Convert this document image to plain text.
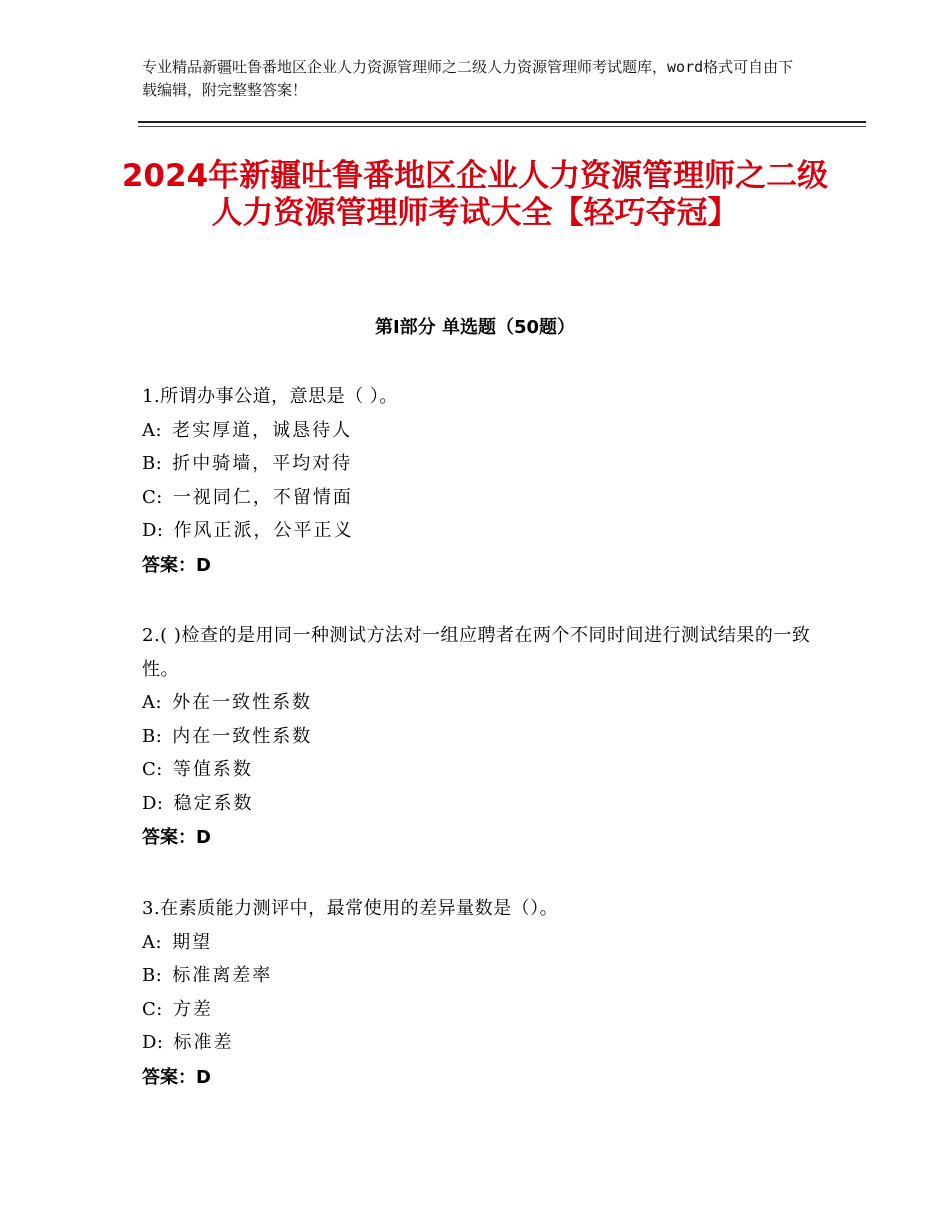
专业精品新疆吐鲁番地区企业人力资源管理师之二级人力资源管理师考试题库，word格式可自由下载编辑，附完整整答案！
2024年新疆吐鲁番地区企业人力资源管理师之二级人力资源管理师考试大全【轻巧夺冠】
第Ⅰ部分 单选题（50题）
1.所谓办事公道，意思是（ ）。
A: 老实厚道，诚恳待人
B: 折中骑墙，平均对待
C: 一视同仁，不留情面
D: 作风正派，公平正义
答案：D
2.( )检查的是用同一种测试方法对一组应聘者在两个不同时间进行测试结果的一致性。
A: 外在一致性系数
B: 内在一致性系数
C: 等值系数
D: 稳定系数
答案：D
3.在素质能力测评中，最常使用的差异量数是（）。
A: 期望
B: 标准离差率
C: 方差
D: 标准差
答案：D
